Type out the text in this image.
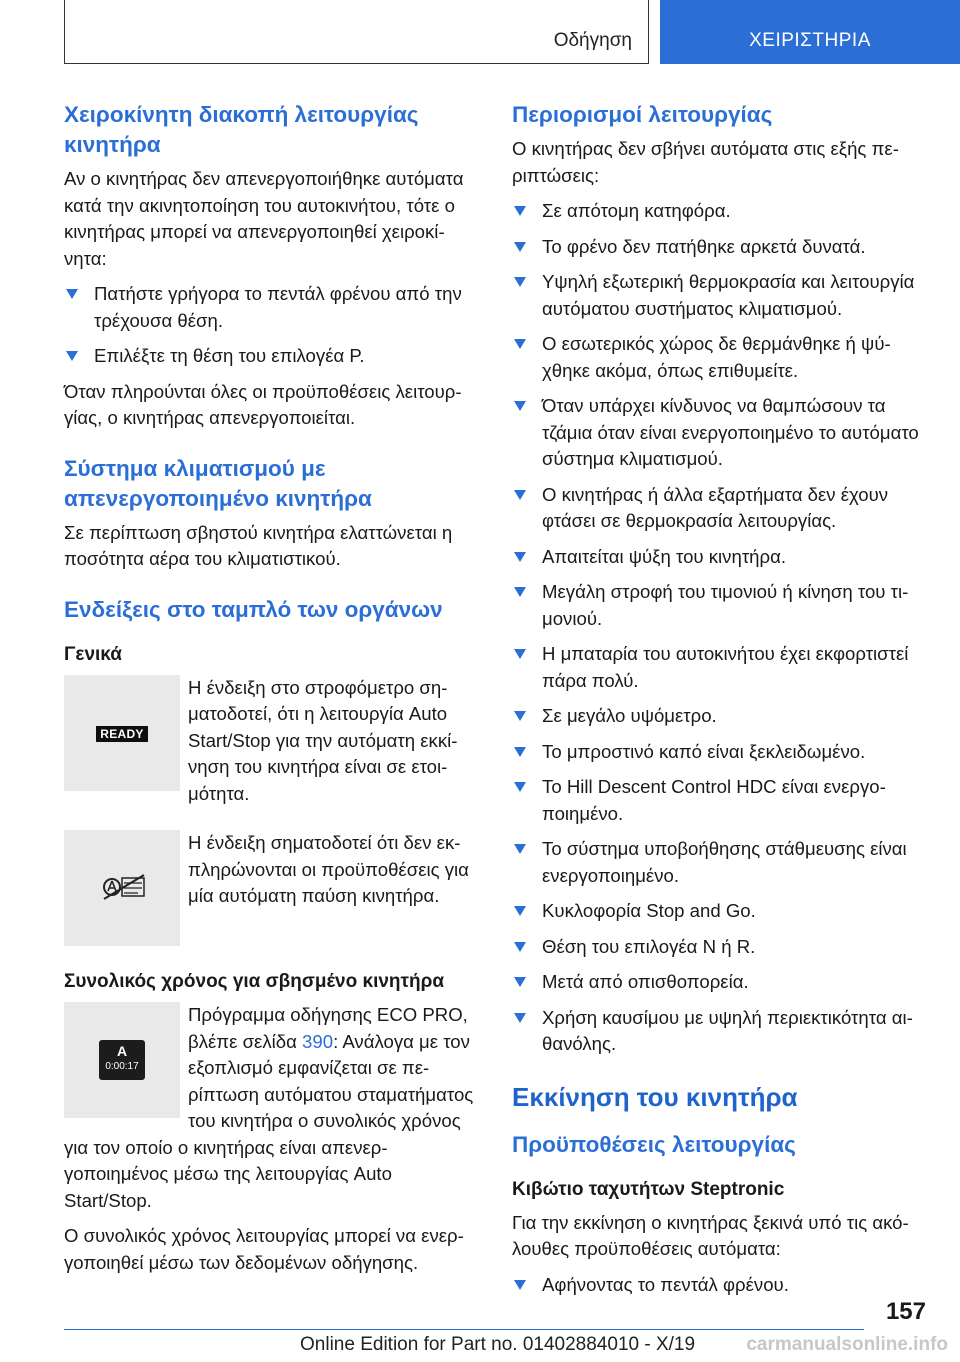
Οδήγηση	ΧΕΙΡΙΣΤΗΡΙΑ
Χειροκίνητη διακοπή λειτουργίας κινητήρα

Αν ο κινητήρας δεν απενεργοποιήθηκε αυτόματα κατά την ακινητοποίηση του αυτοκινήτου, τότε ο κινητήρας μπορεί να απενεργοποιηθεί χειροκίνητα:

Πατήστε γρήγορα το πεντάλ φρένου από την τρέχουσα θέση.
Επιλέξτε τη θέση του επιλογέα P.

Όταν πληρούνται όλες οι προϋποθέσεις λειτουργίας, ο κινητήρας απενεργοποιείται.

Σύστημα κλιματισμού με απενεργοποιημένο κινητήρα

Σε περίπτωση σβηστού κινητήρα ελαττώνεται η ποσότητα αέρα του κλιματιστικού.

Ενδείξεις στο ταμπλό των οργάνων
Γενικά
READY

Η ένδειξη στο στροφόμετρο σηματοδοτεί, ότι η λειτουργία Auto Start/Stop για την αυτόματη εκκίνηση του κινητήρα είναι σε ετοιμότητα.

Η ένδειξη σηματοδοτεί ότι δεν εκπληρώνονται οι προϋποθέσεις για μία αυτόματη παύση κινητήρα.

Συνολικός χρόνος για σβησμένο κινητήρα
A
0:00:17

Πρόγραμμα οδήγησης ECO PRO, βλέπε σελίδα 390: Ανάλογα με τον εξοπλισμό εμφανίζεται σε περίπτωση αυτόματου σταματήματος του κινητήρα ο συνολικός χρόνος για τον οποίο ο κινητήρας είναι απενεργοποιημένος μέσω της λειτουργίας Auto Start/Stop.

Ο συνολικός χρόνος λειτουργίας μπορεί να ενεργοποιηθεί μέσω των δεδομένων οδήγησης.

Περιορισμοί λειτουργίας

Ο κινητήρας δεν σβήνει αυτόματα στις εξής περιπτώσεις:

Σε απότομη κατηφόρα.
Το φρένο δεν πατήθηκε αρκετά δυνατά.
Υψηλή εξωτερική θερμοκρασία και λειτουργία αυτόματου συστήματος κλιματισμού.
Ο εσωτερικός χώρος δε θερμάνθηκε ή ψύχθηκε ακόμα, όπως επιθυμείτε.
Όταν υπάρχει κίνδυνος να θαμπώσουν τα τζάμια όταν είναι ενεργοποιημένο το αυτόματο σύστημα κλιματισμού.
Ο κινητήρας ή άλλα εξαρτήματα δεν έχουν φτάσει σε θερμοκρασία λειτουργίας.
Απαιτείται ψύξη του κινητήρα.
Μεγάλη στροφή του τιμονιού ή κίνηση του τιμονιού.
Η μπαταρία του αυτοκινήτου έχει εκφορτιστεί πάρα πολύ.
Σε μεγάλο υψόμετρο.
Το μπροστινό καπό είναι ξεκλειδωμένο.
Το Hill Descent Control HDC είναι ενεργοποιημένο.
Το σύστημα υποβοήθησης στάθμευσης είναι ενεργοποιημένο.
Κυκλοφορία Stop and Go.
Θέση του επιλογέα N ή R.
Μετά από οπισθοπορεία.
Χρήση καυσίμου με υψηλή περιεκτικότητα αιθανόλης.
Εκκίνηση του κινητήρα
Προϋποθέσεις λειτουργίας
Κιβώτιο ταχυτήτων Steptronic

Για την εκκίνηση ο κινητήρας ξεκινά υπό τις ακόλουθες προϋποθέσεις αυτόματα:

Αφήνοντας το πεντάλ φρένου.
157
Online Edition for Part no. 01402884010 - X/19	carmanualsonline.info
